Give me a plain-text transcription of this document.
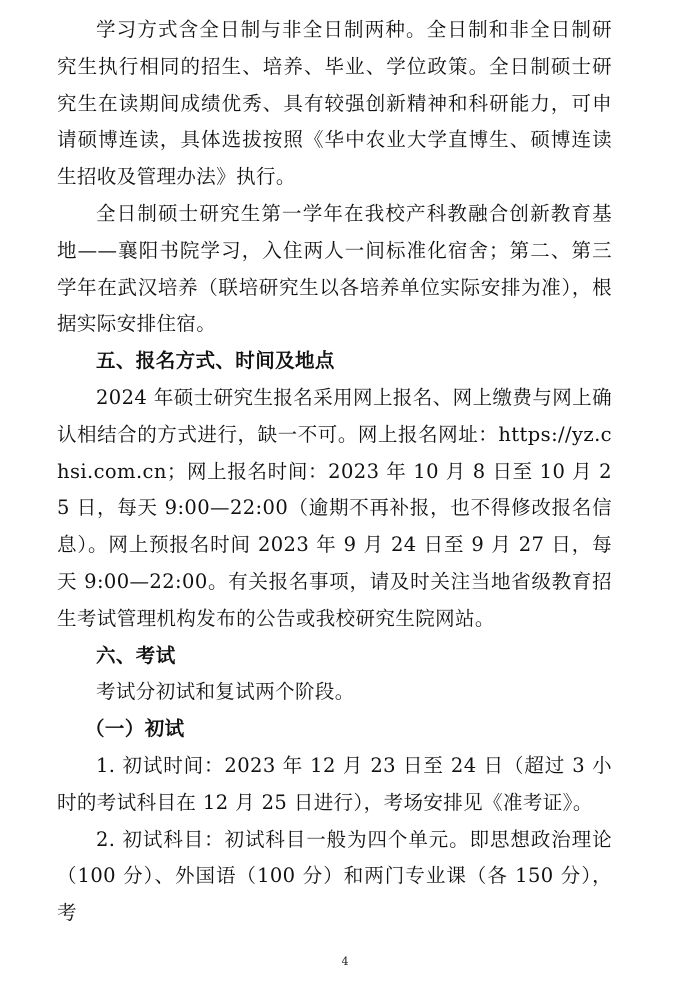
学习方式含全日制与非全日制两种。全日制和非全日制研究生执行相同的招生、培养、毕业、学位政策。全日制硕士研究生在读期间成绩优秀、具有较强创新精神和科研能力，可申请硕博连读，具体选拔按照《华中农业大学直博生、硕博连读生招收及管理办法》执行。

全日制硕士研究生第一学年在我校产科教融合创新教育基地——襄阳书院学习，入住两人一间标准化宿舍；第二、第三学年在武汉培养（联培研究生以各培养单位实际安排为准），根据实际安排住宿。

五、报名方式、时间及地点

2024 年硕士研究生报名采用网上报名、网上缴费与网上确认相结合的方式进行，缺一不可。网上报名网址：https://yz.chsi.com.cn；网上报名时间：2023 年 10 月 8 日至 10 月 25 日，每天 9:00—22:00（逾期不再补报，也不得修改报名信息）。网上预报名时间 2023 年 9 月 24 日至 9 月 27 日，每天 9:00—22:00。有关报名事项，请及时关注当地省级教育招生考试管理机构发布的公告或我校研究生院网站。

六、考试

考试分初试和复试两个阶段。

（一）初试

1. 初试时间：2023 年 12 月 23 日至 24 日（超过 3 小时的考试科目在 12 月 25 日进行），考场安排见《准考证》。

2. 初试科目：初试科目一般为四个单元。即思想政治理论（100 分）、外国语（100 分）和两门专业课（各 150 分），考

4
